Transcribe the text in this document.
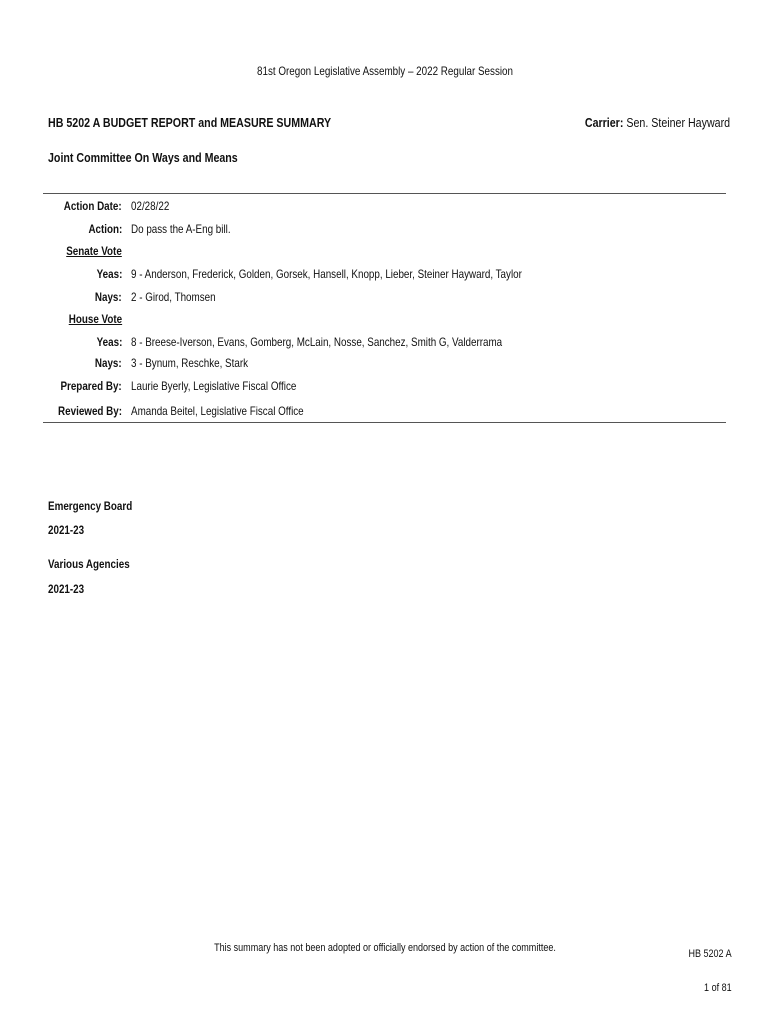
81st Oregon Legislative Assembly – 2022 Regular Session
HB 5202 A BUDGET REPORT and MEASURE SUMMARY	Carrier: Sen. Steiner Hayward
Joint Committee On Ways and Means
Action Date: 02/28/22
Action: Do pass the A-Eng bill.
Senate Vote
Yeas: 9 - Anderson, Frederick, Golden, Gorsek, Hansell, Knopp, Lieber, Steiner Hayward, Taylor
Nays: 2 - Girod, Thomsen
House Vote
Yeas: 8 - Breese-Iverson, Evans, Gomberg, McLain, Nosse, Sanchez, Smith G, Valderrama
Nays: 3 - Bynum, Reschke, Stark
Prepared By: Laurie Byerly, Legislative Fiscal Office
Reviewed By: Amanda Beitel, Legislative Fiscal Office
Emergency Board
2021-23
Various Agencies
2021-23
This summary has not been adopted or officially endorsed by action of the committee.	HB 5202 A
1 of 81
